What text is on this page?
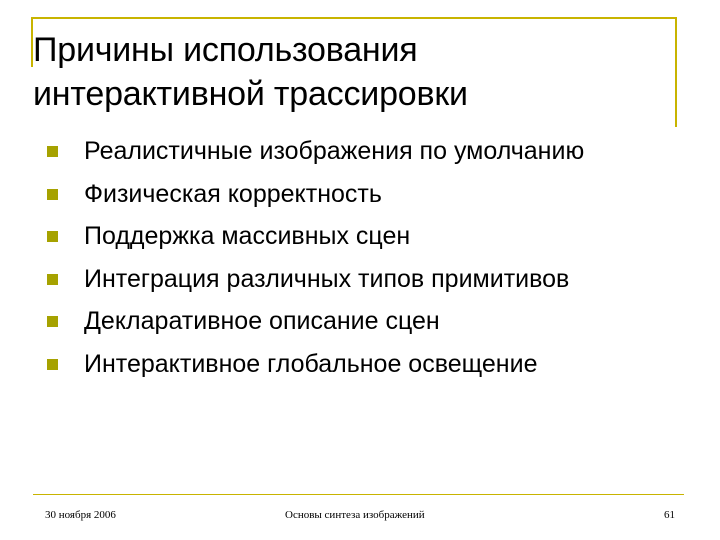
Причины использования
интерактивной трассировки
Реалистичные изображения по умолчанию
Физическая корректность
Поддержка массивных сцен
Интеграция различных типов примитивов
Декларативное описание сцен
Интерактивное глобальное освещение
30 ноября 2006	Основы синтеза изображений	61
